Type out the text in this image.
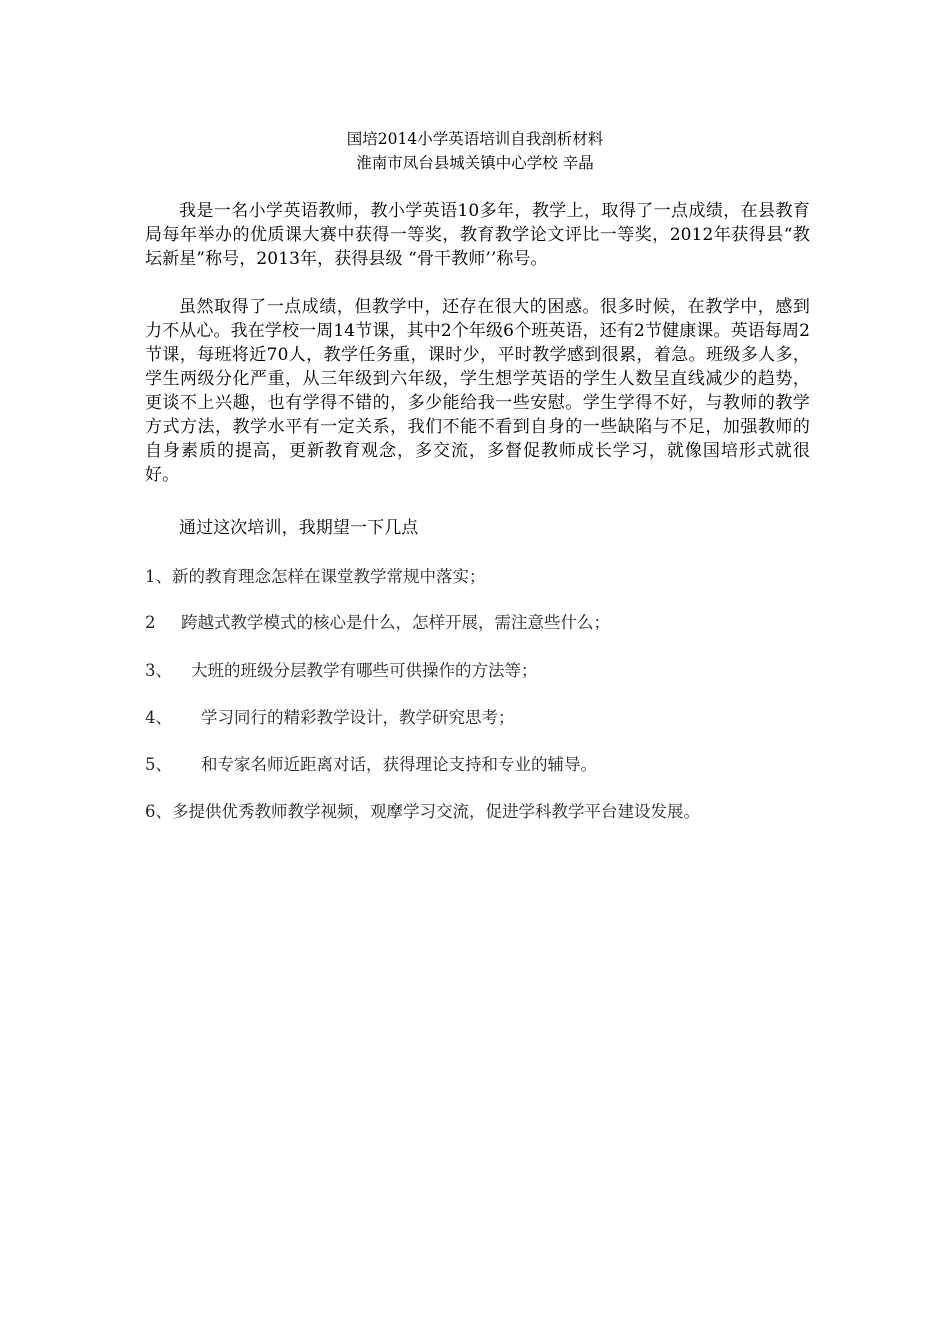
国培2014小学英语培训自我剖析材料
淮南市凤台县城关镇中心学校 辛晶
我是一名小学英语教师，教小学英语10多年，教学上，取得了一点成绩，在县教育局每年举办的优质课大赛中获得一等奖，教育教学论文评比一等奖，2012年获得县“教坛新星”称号，2013年，获得县级 “骨干教师’’称号。
虽然取得了一点成绩，但教学中，还存在很大的困惑。很多时候，在教学中，感到力不从心。我在学校一周14节课，其中2个年级6个班英语，还有2节健康课。英语每周2节课，每班将近70人，教学任务重，课时少，平时教学感到很累，着急。班级多人多，学生两级分化严重，从三年级到六年级，学生想学英语的学生人数呈直线减少的趋势，更谈不上兴趣，也有学得不错的，多少能给我一些安慰。学生学得不好，与教师的教学方式方法，教学水平有一定关系，我们不能不看到自身的一些缺陷与不足，加强教师的自身素质的提高，更新教育观念，多交流，多督促教师成长学习，就像国培形式就很好。
通过这次培训，我期望一下几点
1、新的教育理念怎样在课堂教学常规中落实；
2 跨越式教学模式的核心是什么，怎样开展，需注意些什么；
3、 大班的班级分层教学有哪些可供操作的方法等；
4、 学习同行的精彩教学设计，教学研究思考；
5、 和专家名师近距离对话，获得理论支持和专业的辅导。
6、多提供优秀教师教学视频，观摩学习交流，促进学科教学平台建设发展。
